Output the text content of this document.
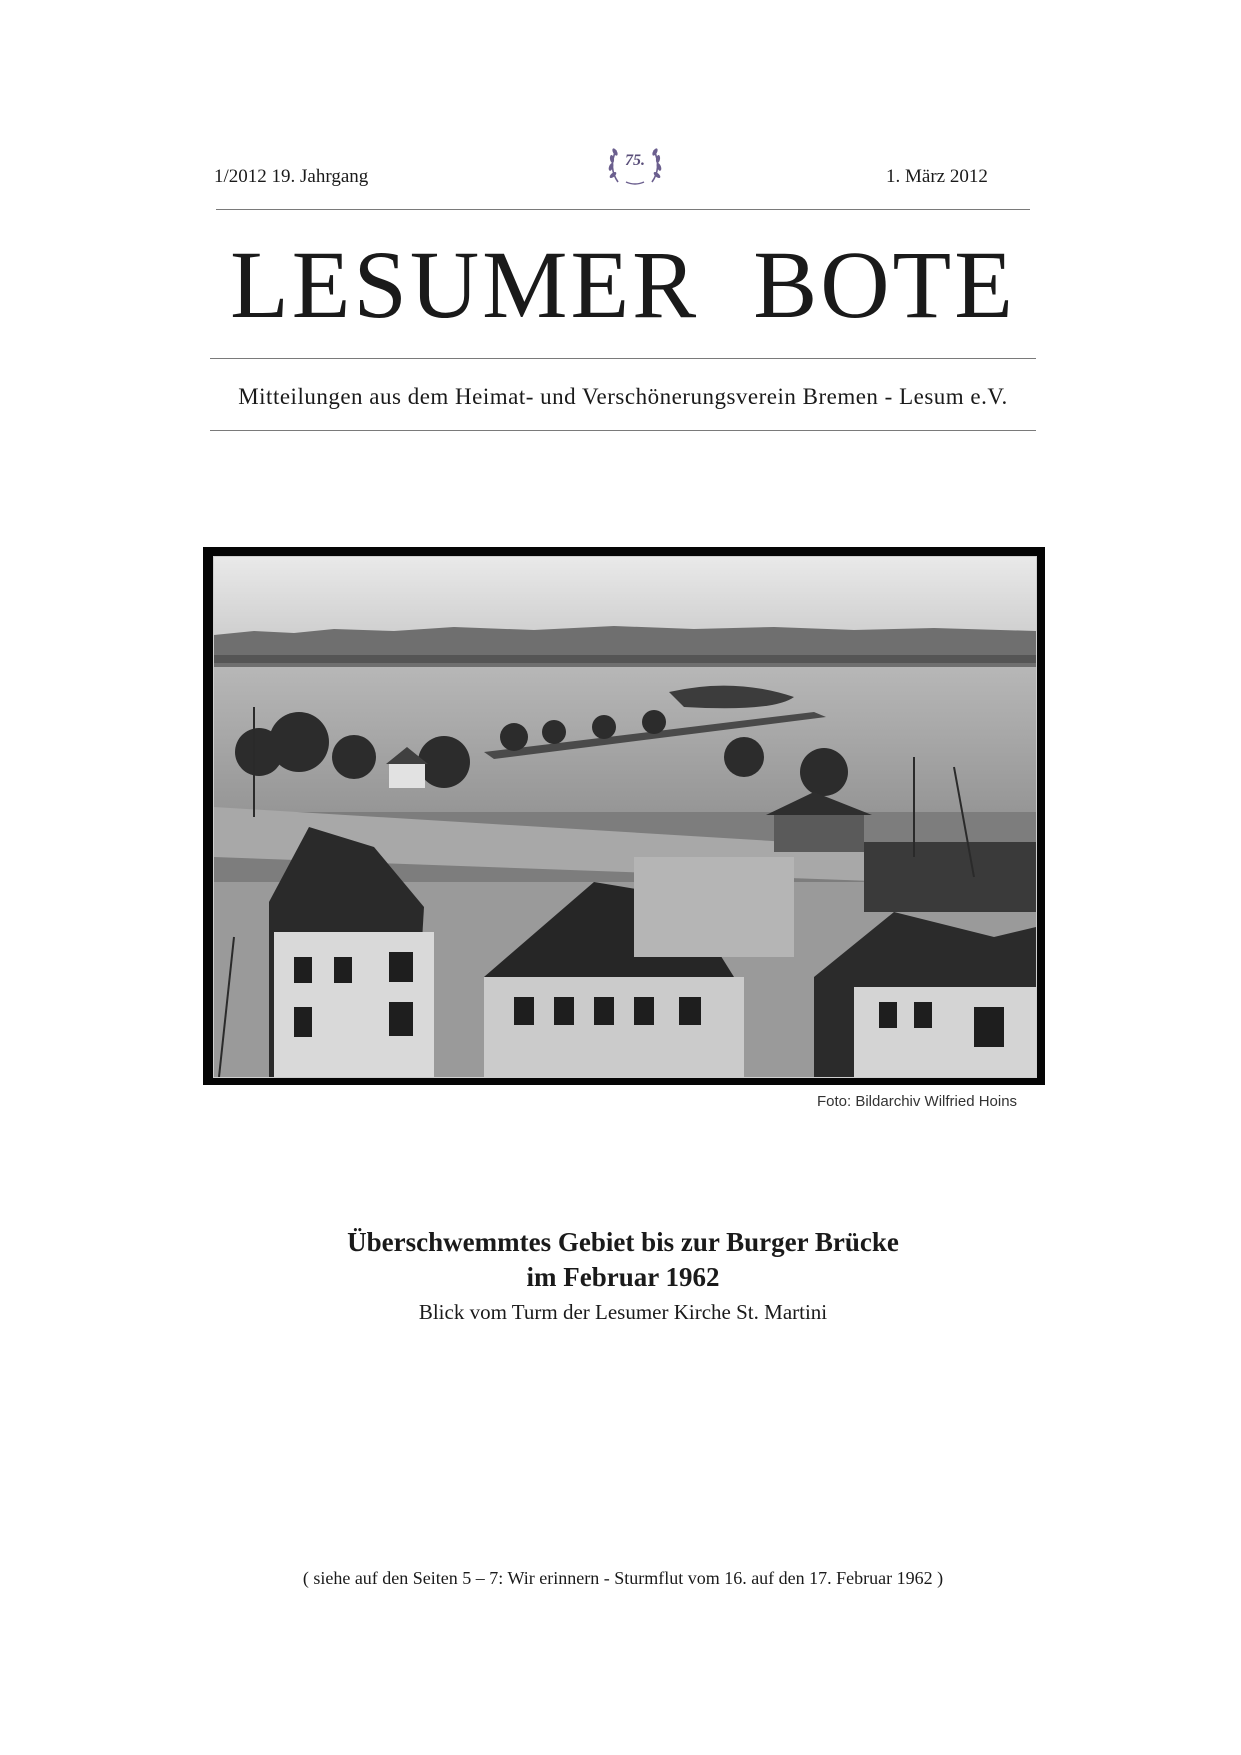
1/2012 19. Jahrgang
75.
1. März 2012
LESUMER  BOTE
Mitteilungen aus dem Heimat- und Verschönerungsverein Bremen - Lesum e.V.
Foto: Bildarchiv Wilfried Hoins
Überschwemmtes Gebiet bis zur Burger Brücke
im Februar 1962
Blick vom Turm der Lesumer Kirche St. Martini
( siehe auf den Seiten 5 – 7: Wir erinnern - Sturmflut vom 16. auf den 17. Februar 1962 )
